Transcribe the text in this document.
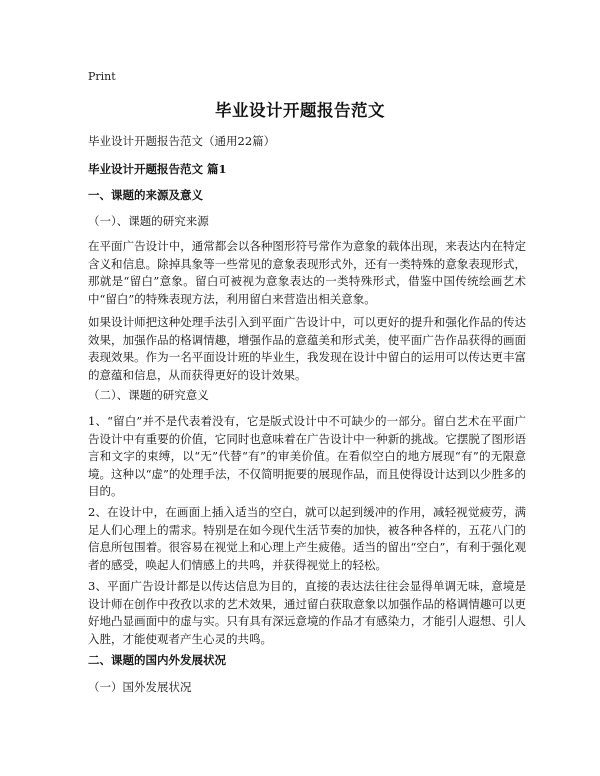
Print
毕业设计开题报告范文
毕业设计开题报告范文（通用22篇）
毕业设计开题报告范文 篇1
一、课题的来源及意义
（一）、课题的研究来源
在平面广告设计中，通常都会以各种图形符号常作为意象的载体出现，来表达内在特定含义和信息。除掉具象等一些常见的意象表现形式外，还有一类特殊的意象表现形式，那就是“留白”意象。留白可被视为意象表达的一类特殊形式，借鉴中国传统绘画艺术中“留白”的特殊表现方法，利用留白来营造出相关意象。
如果设计师把这种处理手法引入到平面广告设计中，可以更好的提升和强化作品的传达效果，加强作品的格调情趣，增强作品的意蕴美和形式美，使平面广告作品获得的画面表现效果。作为一名平面设计班的毕业生，我发现在设计中留白的运用可以传达更丰富的意蕴和信息，从而获得更好的设计效果。
（二）、课题的研究意义
1、“留白”并不是代表着没有，它是版式设计中不可缺少的一部分。留白艺术在平面广告设计中有重要的价值，它同时也意味着在广告设计中一种新的挑战。它摆脱了图形语言和文字的束缚，以“无”代替“有”的审美价值。在看似空白的地方展现“有”的无限意境。这种以“虚”的处理手法，不仅简明扼要的展现作品，而且使得设计达到以少胜多的目的。
2、在设计中，在画面上插入适当的空白，就可以起到缓冲的作用，减轻视觉疲劳，满足人们心理上的需求。特别是在如今现代生活节奏的加快，被各种各样的，五花八门的信息所包围着。很容易在视觉上和心理上产生疲倦。适当的留出“空白”，有利于强化观者的感受，唤起人们情感上的共鸣，并获得视觉上的轻松。
3、平面广告设计都是以传达信息为目的，直接的表达法往往会显得单调无味，意境是设计师在创作中孜孜以求的艺术效果，通过留白获取意象以加强作品的格调情趣可以更好地凸显画面中的虚与实。只有具有深远意境的作品才有感染力，才能引人遐想、引人入胜，才能使观者产生心灵的共鸣。
二、课题的国内外发展状况
（一）国外发展状况
